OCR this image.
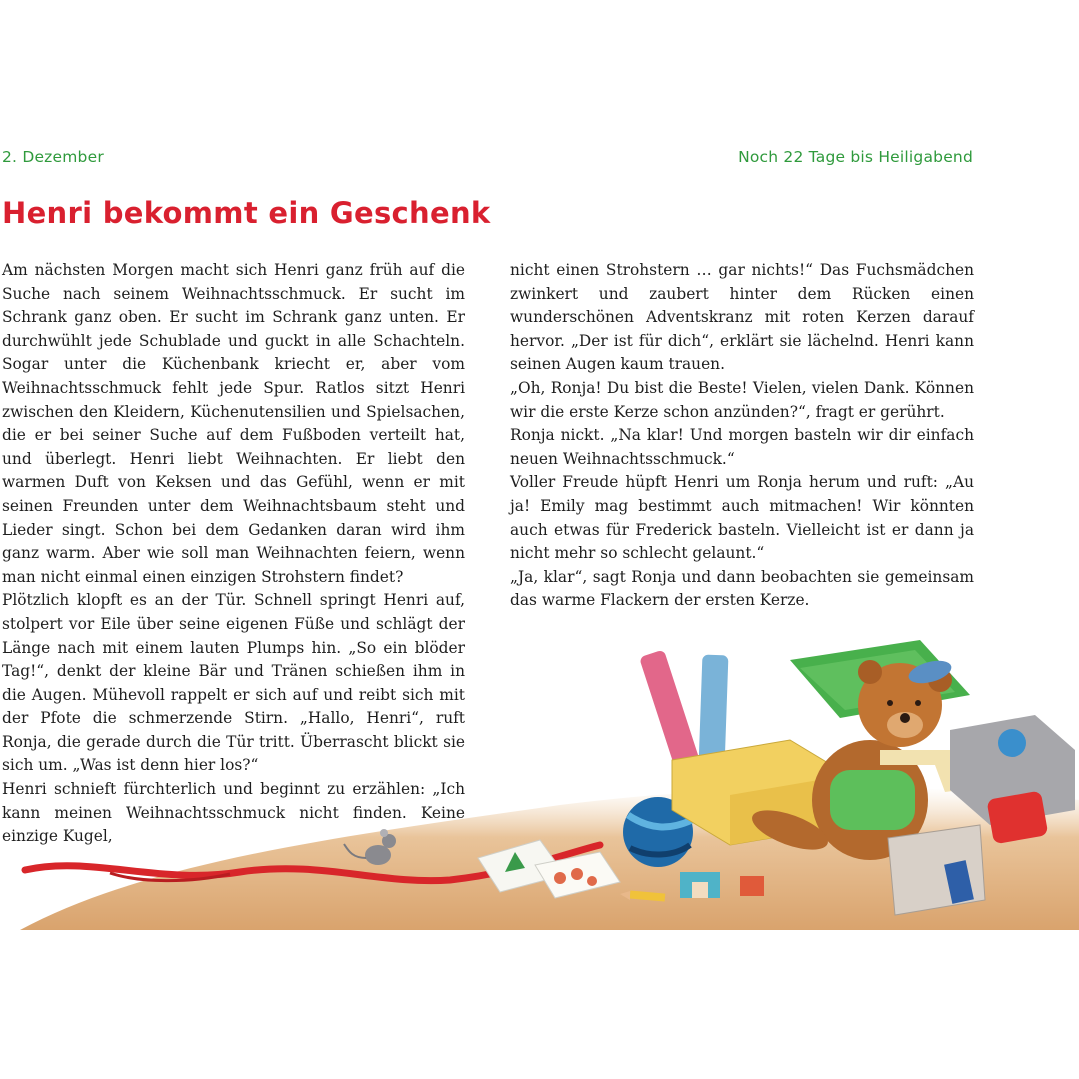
2. Dezember	Noch 22 Tage bis Heiligabend
Henri bekommt ein Geschenk

Am nächsten Morgen macht sich Henri ganz früh auf die Suche nach seinem Weihnachtsschmuck. Er sucht im Schrank ganz oben. Er sucht im Schrank ganz unten. Er durchwühlt jede Schublade und guckt in alle Schachteln. Sogar unter die Küchenbank kriecht er, aber vom Weihnachtsschmuck fehlt jede Spur. Ratlos sitzt Henri zwischen den Kleidern, Küchenutensilien und Spielsachen, die er bei seiner Suche auf dem Fußboden verteilt hat, und überlegt. Henri liebt Weihnachten. Er liebt den warmen Duft von Keksen und das Gefühl, wenn er mit seinen Freunden unter dem Weihnachtsbaum steht und Lieder singt. Schon bei dem Gedanken daran wird ihm ganz warm. Aber wie soll man Weihnachten feiern, wenn man nicht einmal einen einzigen Strohstern findet?

Plötzlich klopft es an der Tür. Schnell springt Henri auf, stolpert vor Eile über seine eigenen Füße und schlägt der Länge nach mit einem lauten Plumps hin. „So ein blöder Tag!“, denkt der kleine Bär und Tränen schießen ihm in die Augen. Mühevoll rappelt er sich auf und reibt sich mit der Pfote die schmerzende Stirn. „Hallo, Henri“, ruft Ronja, die gerade durch die Tür tritt. Überrascht blickt sie sich um. „Was ist denn hier los?“

Henri schnieft fürchterlich und beginnt zu erzählen: „Ich kann meinen Weihnachtsschmuck nicht finden. Keine einzige Kugel,

nicht einen Strohstern … gar nichts!“ Das Fuchsmädchen zwinkert und zaubert hinter dem Rücken einen wunderschönen Adventskranz mit roten Kerzen darauf hervor. „Der ist für dich“, erklärt sie lächelnd. Henri kann seinen Augen kaum trauen.

„Oh, Ronja! Du bist die Beste! Vielen, vielen Dank. Können wir die erste Kerze schon anzünden?“, fragt er gerührt.

Ronja nickt. „Na klar! Und morgen basteln wir dir einfach neuen Weihnachtsschmuck.“

Voller Freude hüpft Henri um Ronja herum und ruft: „Au ja! Emily mag bestimmt auch mitmachen! Wir könnten auch etwas für Frederick basteln. Vielleicht ist er dann ja nicht mehr so schlecht gelaunt.“

„Ja, klar“, sagt Ronja und dann beobachten sie gemeinsam das warme Flackern der ersten Kerze.
